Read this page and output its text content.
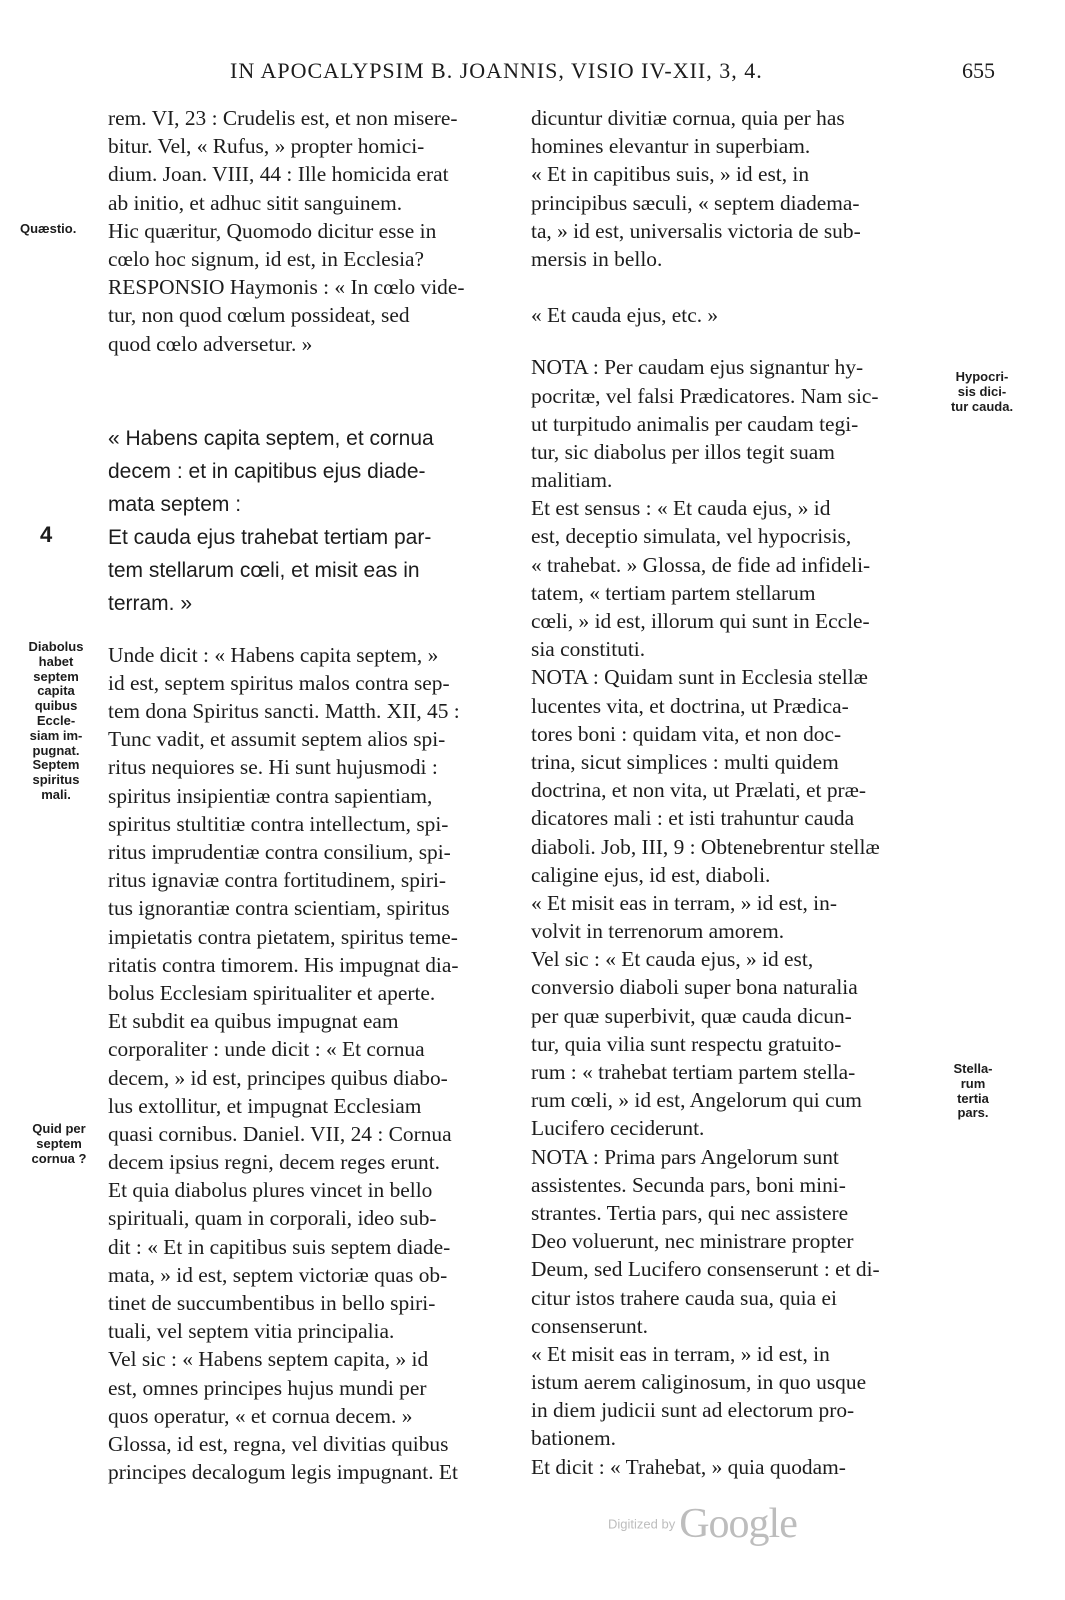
IN APOCALYPSIM B. JOANNIS, VISIO IV-XII, 3, 4.	655
rem. VI, 23 : Crudelis est, et non misere-
bitur. Vel, « Rufus, » propter homici-
dium. Joan. VIII, 44 : Ille homicida erat
ab initio, et adhuc sitit sanguinem.
Hic quæritur, Quomodo dicitur esse in
cœlo hoc signum, id est, in Ecclesia?
RESPONSIO Haymonis : « In cœlo vide-
tur, non quod cœlum possideat, sed
quod cœlo adversetur. »
« Habens capita septem, et cornua
decem : et in capitibus ejus diade-
mata septem :
Et cauda ejus trahebat tertiam par-
tem stellarum cœli, et misit eas in
terram. »
Unde dicit : « Habens capita septem, »
id est, septem spiritus malos contra sep-
tem dona Spiritus sancti. Matth. XII, 45 :
Tunc vadit, et assumit septem alios spi-
ritus nequiores se. Hi sunt hujusmodi :
spiritus insipientiæ contra sapientiam,
spiritus stultitiæ contra intellectum, spi-
ritus imprudentiæ contra consilium, spi-
ritus ignaviæ contra fortitudinem, spiri-
tus ignorantiæ contra scientiam, spiritus
impietatis contra pietatem, spiritus teme-
ritatis contra timorem. His impugnat dia-
bolus Ecclesiam spiritualiter et aperte.
Et subdit ea quibus impugnat eam
corporaliter : unde dicit : « Et cornua
decem, » id est, principes quibus diabo-
lus extollitur, et impugnat Ecclesiam
quasi cornibus. Daniel. VII, 24 : Cornua
decem ipsius regni, decem reges erunt.
Et quia diabolus plures vincet in bello
spirituali, quam in corporali, ideo sub-
dit : « Et in capitibus suis septem diade-
mata, » id est, septem victoriæ quas ob-
tinet de succumbentibus in bello spiri-
tuali, vel septem vitia principalia.
Vel sic : « Habens septem capita, » id
est, omnes principes hujus mundi per
quos operatur, « et cornua decem. »
Glossa, id est, regna, vel divitias quibus
principes decalogum legis impugnant. Et
dicuntur divitiæ cornua, quia per has
homines elevantur in superbiam.
« Et in capitibus suis, » id est, in
principibus sæculi, « septem diadema-
ta, » id est, universalis victoria de sub-
mersis in bello.
« Et cauda ejus, etc. »
NOTA : Per caudam ejus signantur hy-
pocritæ, vel falsi Prædicatores. Nam sic-
ut turpitudo animalis per caudam tegi-
tur, sic diabolus per illos tegit suam
malitiam.
Et est sensus : « Et cauda ejus, » id
est, deceptio simulata, vel hypocrisis,
« trahebat. » Glossa, de fide ad infideli-
tatem, « tertiam partem stellarum
cœli, » id est, illorum qui sunt in Eccle-
sia constituti.
NOTA : Quidam sunt in Ecclesia stellæ
lucentes vita, et doctrina, ut Prædica-
tores boni : quidam vita, et non doc-
trina, sicut simplices : multi quidem
doctrina, et non vita, ut Prælati, et præ-
dicatores mali : et isti trahuntur cauda
diaboli. Job, III, 9 : Obtenebrentur stellæ
caligine ejus, id est, diaboli.
« Et misit eas in terram, » id est, in-
volvit in terrenorum amorem.
Vel sic : « Et cauda ejus, » id est,
conversio diaboli super bona naturalia
per quæ superbivit, quæ cauda dicun-
tur, quia vilia sunt respectu gratuito-
rum : « trahebat tertiam partem stella-
rum cœli, » id est, Angelorum qui cum
Lucifero ceciderunt.
NOTA : Prima pars Angelorum sunt
assistentes. Secunda pars, boni mini-
strantes. Tertia pars, qui nec assistere
Deo voluerunt, nec ministrare propter
Deum, sed Lucifero consenserunt : et di-
citur istos trahere cauda sua, quia ei
consenserunt.
« Et misit eas in terram, » id est, in
istum aerem caliginosum, in quo usque
in diem judicii sunt ad electorum pro-
bationem.
Et dicit : « Trahebat, » quia quodam-
4
Quæstio.
Diabolus
habet
septem
capita
quibus
Eccle-
siam im-
pugnat.
Septem
spiritus
mali.
Quid per
septem
cornua ?
Hypocri-
sis dici-
tur cauda.
Stella-
rum
tertia
pars.
Digitized by Google
